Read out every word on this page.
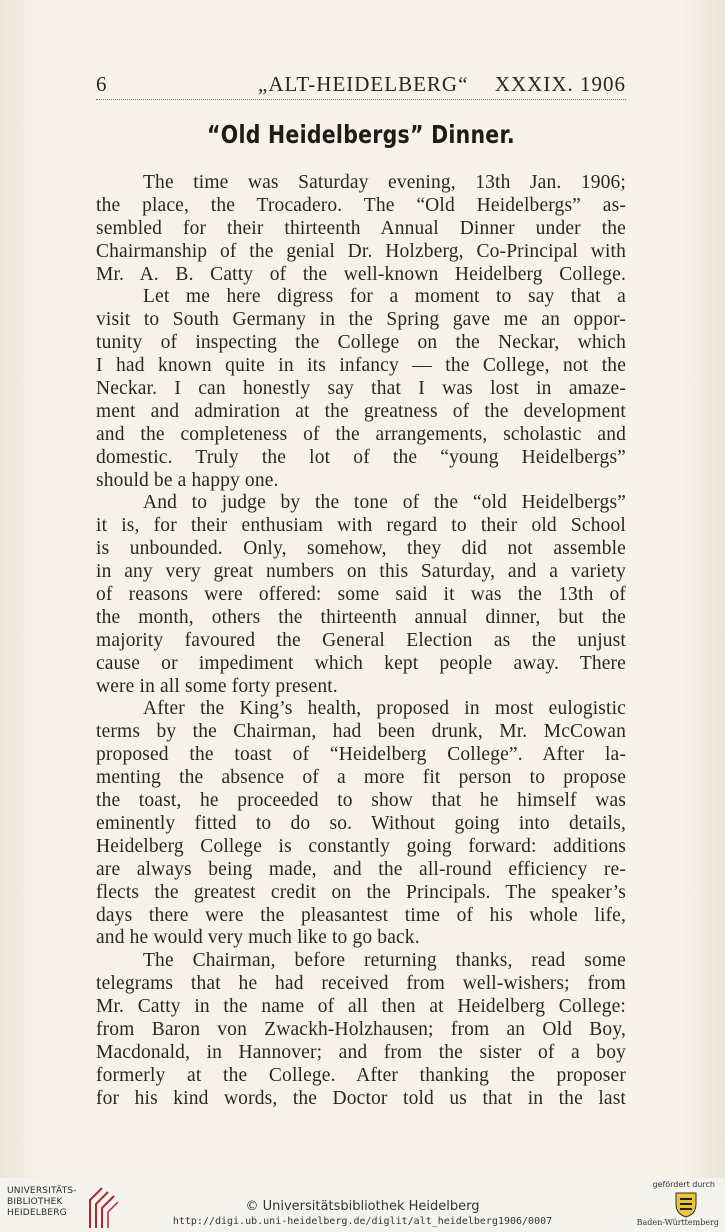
6	„ALT-HEIDELBERG“ XXXIX. 1906
“Old Heidelbergs” Dinner.
The time was Saturday evening, 13th Jan. 1906;
the place, the Trocadero. The “Old Heidelbergs” as-
sembled for their thirteenth Annual Dinner under the
Chairmanship of the genial Dr. Holzberg, Co-Principal with
Mr. A. B. Catty of the well-known Heidelberg College.
Let me here digress for a moment to say that a
visit to South Germany in the Spring gave me an oppor-
tunity of inspecting the College on the Neckar, which
I had known quite in its infancy — the College, not the
Neckar. I can honestly say that I was lost in amaze-
ment and admiration at the greatness of the development
and the completeness of the arrangements, scholastic and
domestic. Truly the lot of the “young Heidelbergs”
should be a happy one.
And to judge by the tone of the “old Heidelbergs”
it is, for their enthusiam with regard to their old School
is unbounded. Only, somehow, they did not assemble
in any very great numbers on this Saturday, and a variety
of reasons were offered: some said it was the 13th of
the month, others the thirteenth annual dinner, but the
majority favoured the General Election as the unjust
cause or impediment which kept people away. There
were in all some forty present.
After the King’s health, proposed in most eulogistic
terms by the Chairman, had been drunk, Mr. McCowan
proposed the toast of “Heidelberg College”. After la-
menting the absence of a more fit person to propose
the toast, he proceeded to show that he himself was
eminently fitted to do so. Without going into details,
Heidelberg College is constantly going forward: additions
are always being made, and the all-round efficiency re-
flects the greatest credit on the Principals. The speaker’s
days there were the pleasantest time of his whole life,
and he would very much like to go back.
The Chairman, before returning thanks, read some
telegrams that he had received from well-wishers; from
Mr. Catty in the name of all then at Heidelberg College:
from Baron von Zwackh-Holzhausen; from an Old Boy,
Macdonald, in Hannover; and from the sister of a boy
formerly at the College. After thanking the proposer
for his kind words, the Doctor told us that in the last
UNIVERSITÄTS-
BIBLIOTHEK
HEIDELBERG	© Universitätsbibliothek Heidelberg
http://digi.ub.uni-heidelberg.de/diglit/alt_heidelberg1906/0007
gefördert durch
Baden-Württemberg
